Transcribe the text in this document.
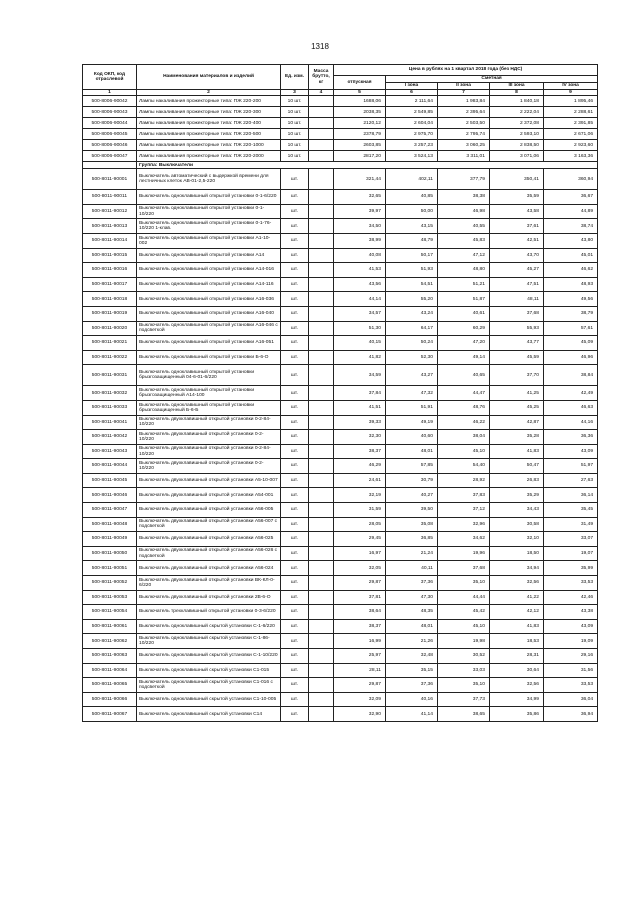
1318
Код ОКП, код отраслевой	Наименования материалов и изделий	Ед. изм.	Масса брутто, кг	Цена в рублях на 1 квартал 2018 года (без НДС)				
				отпускная	Сметная			
					I зона	II зона	III зона	IV зона
1	2	3	4	5	6	7	8	9
500-8006-90042	Лампы накаливания прожекторные типа: ПЖ 220-200	10 шт.		1688,06	2 111,64	1 983,84	1 840,18	1 895,46
500-8006-90043	Лампы накаливания прожекторные типа: ПЖ 220-300	10 шт.		2038,35	2 549,85	2 395,64	2 222,04	2 288,61
500-8006-90044	Лампы накаливания прожекторные типа: ПЖ 220-400	10 шт.		2120,12	2 604,04	2 503,50	2 372,08	2 391,85
500-8006-90045	Лампы накаливания прожекторные типа: ПЖ 220-500	10 шт.		2378,79	2 975,70	2 795,74	2 593,10	2 671,06
500-8006-90046	Лампы накаливания прожекторные типа: ПЖ 220-1000	10 шт.		2603,85	3 257,23	3 060,25	2 838,50	2 923,60
500-8006-90047	Лампы накаливания прожекторные типа: ПЖ 220-2000	10 шт.		2817,20	3 524,13	3 311,01	3 071,06	3 163,36
	Группа: Выключатели							
500-8011-90001	Выключатель автоматический с выдержкой времени для лестничных клеток АВ-01-2,5-220	шт.		321,44	402,11	377,79	350,41	360,94
500-8011-90011	Выключатель одноклавишный открытой установки 0-1-6/220	шт.		32,65	40,85	38,38	35,59	36,67
500-8011-90012	Выключатель одноклавишный открытой установки 0-1-10/220	шт.		39,97	50,00	46,98	43,58	44,89
500-8011-90013	Выключатель одноклавишный открытой установки 0-1-76-10/220 1-клав.	шт.		34,50	43,15	40,55	37,61	38,74
500-8011-90014	Выключатель одноклавишный открытой установки А1-10-002	шт.		38,99	48,79	45,83	42,51	43,80
500-8011-90015	Выключатель одноклавишный открытой установки А14	шт.		40,08	50,17	47,12	43,70	45,01
500-8011-90016	Выключатель одноклавишный открытой установки А14-016	шт.		41,53	51,93	48,80	45,27	46,62
500-8011-90017	Выключатель одноклавишный открытой установки А14-116	шт.		43,56	54,51	51,21	47,51	48,93
500-8011-90018	Выключатель одноклавишный открытой установки А16-036	шт.		44,14	55,20	51,87	48,11	49,56
500-8011-90019	Выключатель одноклавишный открытой установки А16-040	шт.		34,57	43,24	40,61	37,68	38,79
500-8011-90020	Выключатель одноклавишный открытой установки А16-046 с подсветкой	шт.		51,30	64,17	60,29	55,93	57,61
500-8011-90021	Выключатель одноклавишный открытой установки А16-051	шт.		40,15	50,24	47,20	43,77	45,09
500-8011-90022	Выключатель одноклавишный открытой установки Б-6-О	шт.		41,82	52,30	49,14	45,59	46,96
500-8011-90031	Выключатель одноклавишный открытой установки брызгозащищенный 04-6-01-6/220	шт.		34,59	43,27	40,65	37,70	38,84
500-8011-90032	Выключатель одноклавишный открытой установки брызгозащищенный А14-100	шт.		37,84	47,32	44,47	41,25	42,49
500-8011-90033	Выключатель одноклавишный открытой установки брызгозащищенный Б-6-Б	шт.		41,51	51,91	48,76	45,25	46,63
500-8011-90041	Выключатель двухклавишный открытой установки 0-2-84-10/220	шт.		39,33	49,19	46,22	42,87	44,16
500-8011-90042	Выключатель двухклавишный открытой установки 0-2-10/220	шт.		32,30	40,60	38,04	35,28	36,36
500-8011-90043	Выключатель двухклавишный открытой установки 0-2-84-10/220	шт.		38,37	48,01	45,10	41,83	43,09
500-8011-90044	Выключатель двухклавишный открытой установки 0-2-10/220	шт.		46,29	57,85	54,40	50,47	51,97
500-8011-90045	Выключатель двухклавишный открытой установки А5-10-007	шт.		24,61	30,79	28,92	26,83	27,63
500-8011-90046	Выключатель двухклавишный открытой установки А54-001	шт.		32,19	40,27	37,83	35,29	36,14
500-8011-90047	Выключатель двухклавишный открытой установки А56-005	шт.		31,59	39,50	37,12	34,43	35,45
500-8011-90048	Выключатель двухклавишный открытой установки А56-007 с подсветкой	шт.		28,05	35,08	32,96	30,58	31,49
500-8011-90049	Выключатель двухклавишный открытой установки А56-025	шт.		29,45	36,85	34,62	32,10	33,07
500-8011-90050	Выключатель двухклавишный открытой установки А56-026 с подсветкой	шт.		16,97	21,24	19,96	18,50	19,07
500-8011-90051	Выключатель двухклавишный открытой установки А56-024	шт.		32,05	40,11	37,68	34,94	35,99
500-8011-90052	Выключатель двухклавишный открытой установки ВК-КЛ-0-6/220	шт.		29,87	37,36	35,10	32,56	33,53
500-8011-90053	Выключатель двухклавишный открытой установки 2В-6-О	шт.		37,81	47,30	44,44	41,22	42,46
500-8011-90054	Выключатель трехклавишный открытой установки 0-3-6/220	шт.		38,64	48,35	45,42	42,12	43,38
500-8011-90061	Выключатель одноклавишный скрытой установки С-1-6/220	шт.		38,37	48,01	45,10	41,83	43,09
500-8011-90062	Выключатель одноклавишный скрытой установки С-1-86-10/220	шт.		16,99	21,26	19,98	18,53	19,09
500-8011-90063	Выключатель одноклавишный скрытой установки С-1-10/220	шт.		25,97	32,48	30,52	28,31	29,16
500-8011-90064	Выключатель одноклавишный скрытой установки С1-015	шт.		28,11	35,15	33,03	30,64	31,56
500-8011-90065	Выключатель одноклавишный скрытой установки С1-016 с подсветкой	шт.		29,87	37,36	35,10	32,56	33,53
500-8011-90066	Выключатель одноклавишный скрытой установки С1-10-005	шт.		32,09	40,16	37,73	34,99	36,04
500-8011-90067	Выключатель одноклавишный скрытой установки С14	шт.		32,90	41,14	38,65	35,86	36,94
